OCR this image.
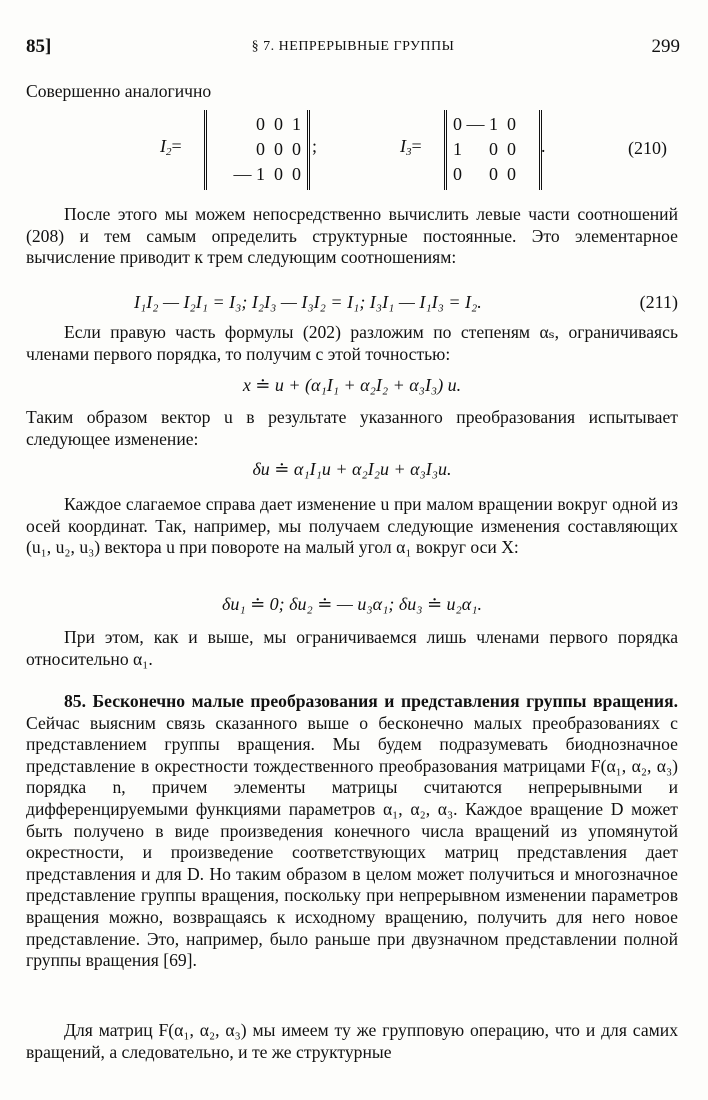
85]	§ 7. НЕПРЕРЫВНЫЕ ГРУППЫ	299
Совершенно аналогично
$I_2=$
0  0  1
0  0  0
— 1  0  0
;	$I_3=$
0 — 1  0
1      0  0
0      0  0
.	(210)
После этого мы можем непосредственно вычислить левые части соотношений (208) и тем самым определить структурные постоянные. Это элементарное вычисление приводит к трем следующим соотношениям:
I₁I₂ — I₂I₁ = I₃; I₂I₃ — I₃I₂ = I₁; I₃I₁ — I₁I₃ = I₂.	(211)
Если правую часть формулы (202) разложим по степеням αₛ, ограничиваясь членами первого порядка, то получим с этой точностью:
x ≐ u + (α₁I₁ + α₂I₂ + α₃I₃) u.
Таким образом вектор u в результате указанного преобразования испытывает следующее изменение:
δu ≐ α₁I₁u + α₂I₂u + α₃I₃u.
Каждое слагаемое справа дает изменение u при малом вращении вокруг одной из осей координат. Так, например, мы получаем следующие изменения составляющих (u₁, u₂, u₃) вектора u при повороте на малый угол α₁ вокруг оси X:
δu₁ ≐ 0; δu₂ ≐ — u₃α₁; δu₃ ≐ u₂α₁.
При этом, как и выше, мы ограничиваемся лишь членами первого порядка относительно α₁.
85. Бесконечно малые преобразования и представления группы вращения. Сейчас выясним связь сказанного выше о бесконечно малых преобразованиях с представлением группы вращения. Мы будем подразумевать биоднозначное представление в окрестности тождественного преобразования матрицами F(α₁, α₂, α₃) порядка n, причем элементы матрицы считаются непрерывными и дифференцируемыми функциями параметров α₁, α₂, α₃. Каждое вращение D может быть получено в виде произведения конечного числа вращений из упомянутой окрестности, и произведение соответствующих матриц представления дает представления и для D. Но таким образом в целом может получиться и многозначное представление группы вращения, поскольку при непрерывном изменении параметров вращения можно, возвращаясь к исходному вращению, получить для него новое представление. Это, например, было раньше при двузначном представлении полной группы вращения [69].
Для матриц F(α₁, α₂, α₃) мы имеем ту же групповую операцию, что и для самих вращений, а следовательно, и те же структурные
